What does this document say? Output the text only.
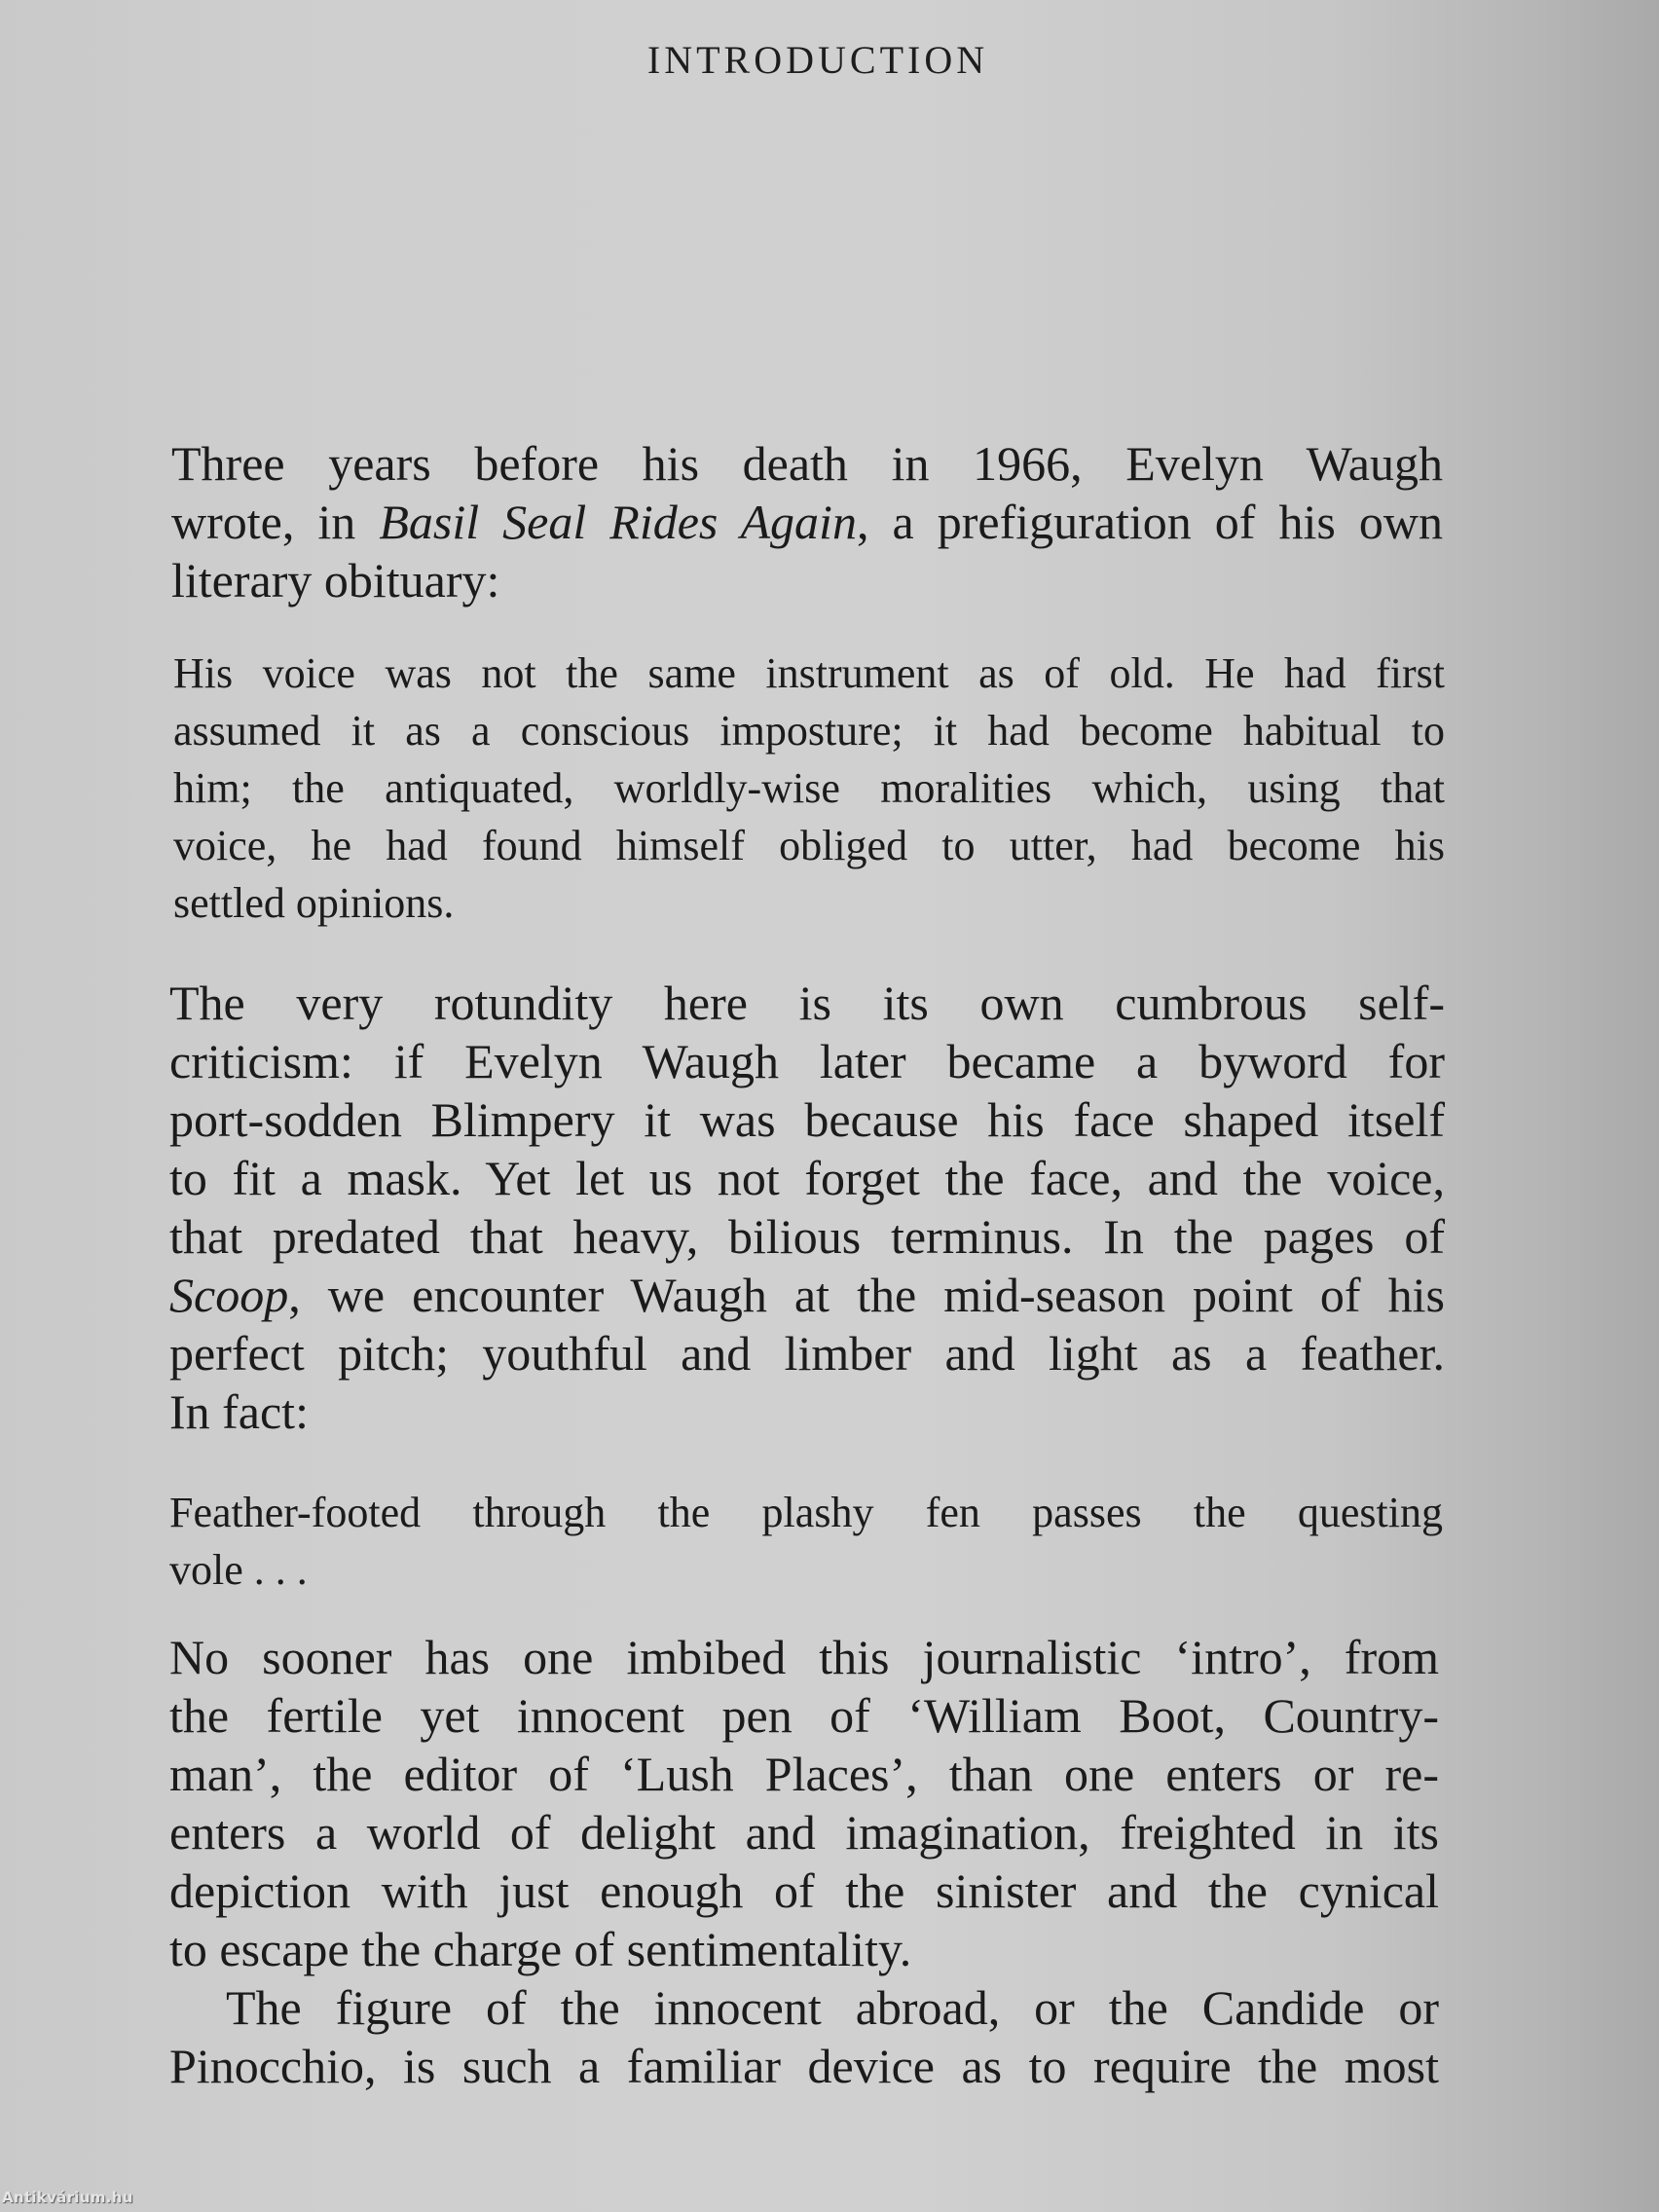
INTRODUCTION
Three years before his death in 1966, Evelyn Waugh
wrote, in Basil Seal Rides Again, a prefiguration of his own
literary obituary:
His voice was not the same instrument as of old. He had first
assumed it as a conscious imposture; it had become habitual to
him; the antiquated, worldly-wise moralities which, using that
voice, he had found himself obliged to utter, had become his
settled opinions.
The very rotundity here is its own cumbrous self-
criticism: if Evelyn Waugh later became a byword for
port-sodden Blimpery it was because his face shaped itself
to fit a mask. Yet let us not forget the face, and the voice,
that predated that heavy, bilious terminus. In the pages of
Scoop, we encounter Waugh at the mid-season point of his
perfect pitch; youthful and limber and light as a feather.
In fact:
Feather-footed through the plashy fen passes the questing
vole . . .
No sooner has one imbibed this journalistic ‘intro’, from
the fertile yet innocent pen of ‘William Boot, Country-
man’, the editor of ‘Lush Places’, than one enters or re-
enters a world of delight and imagination, freighted in its
depiction with just enough of the sinister and the cynical
to escape the charge of sentimentality.
The figure of the innocent abroad, or the Candide or
Pinocchio, is such a familiar device as to require the most
Antikvárium.hu
